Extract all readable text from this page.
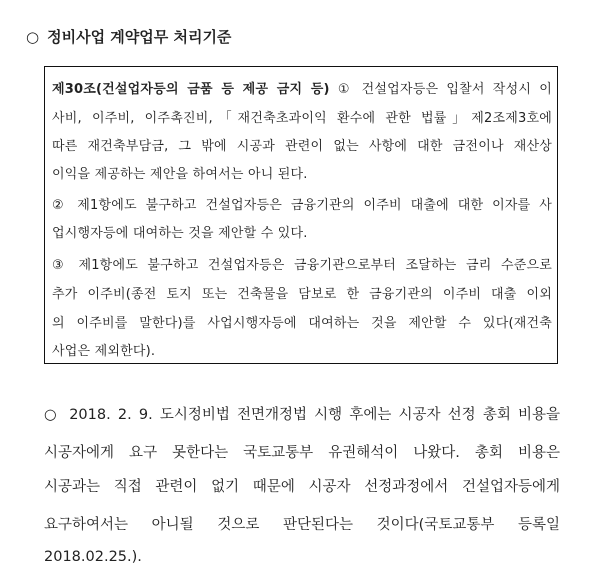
○ 정비사업 계약업무 처리기준
제30조(건설업자등의 금품 등 제공 금지 등) ① 건설업자등은 입찰서 작성시 이
사비, 이주비, 이주촉진비,「재건축초과이익 환수에 관한 법률」제2조제3호에
따른 재건축부담금, 그 밖에 시공과 관련이 없는 사항에 대한 금전이나 재산상
이익을 제공하는 제안을 하여서는 아니 된다.
② 제1항에도 불구하고 건설업자등은 금융기관의 이주비 대출에 대한 이자를 사
업시행자등에 대여하는 것을 제안할 수 있다.
③ 제1항에도 불구하고 건설업자등은 금융기관으로부터 조달하는 금리 수준으로
추가 이주비(종전 토지 또는 건축물을 담보로 한 금융기관의 이주비 대출 이외
의 이주비를 말한다)를 사업시행자등에 대여하는 것을 제안할 수 있다(재건축
사업은 제외한다).
○ 2018. 2. 9. 도시정비법 전면개정법 시행 후에는 시공자 선정 총회 비용을
시공자에게 요구 못한다는 국토교통부 유권해석이 나왔다. 총회 비용은
시공과는 직접 관련이 없기 때문에 시공자 선정과정에서 건설업자등에게
요구하여서는 아니될 것으로 판단된다는 것이다(국토교통부 등록일
2018.02.25.).
